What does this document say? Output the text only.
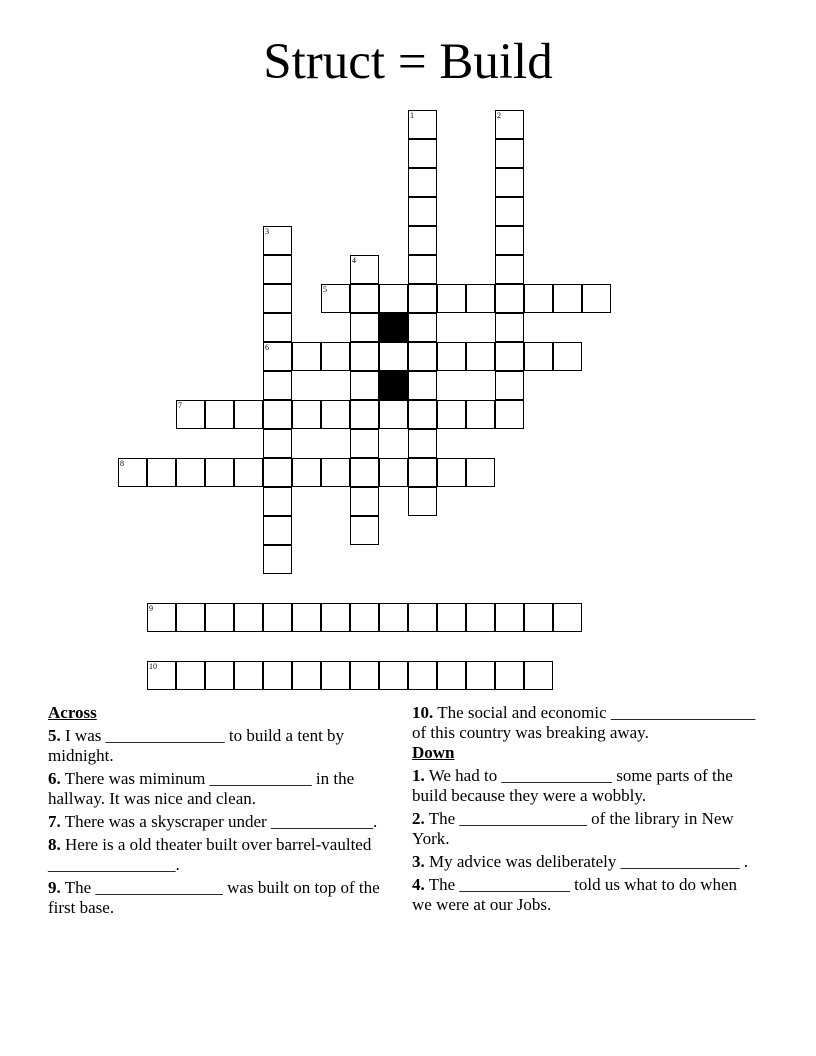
Struct = Build
1	2
3
6
4
5
7
8
9
10
Across
5. I was ______________ to build a tent by midnight.
6. There was miminum ____________ in the hallway. It was nice and clean.
7. There was a skyscraper under ____________.
8. Here is a old theater built over barrel-vaulted _______________.
9. The _______________ was built on top of the first base.
10. The social and economic _________________ of this country was breaking away.
Down
1. We had to _____________ some parts of the build because they were a wobbly.
2. The _______________ of the library in New York.
3. My advice was deliberately ______________ .
4. The _____________ told us what to do when we were at our Jobs.
